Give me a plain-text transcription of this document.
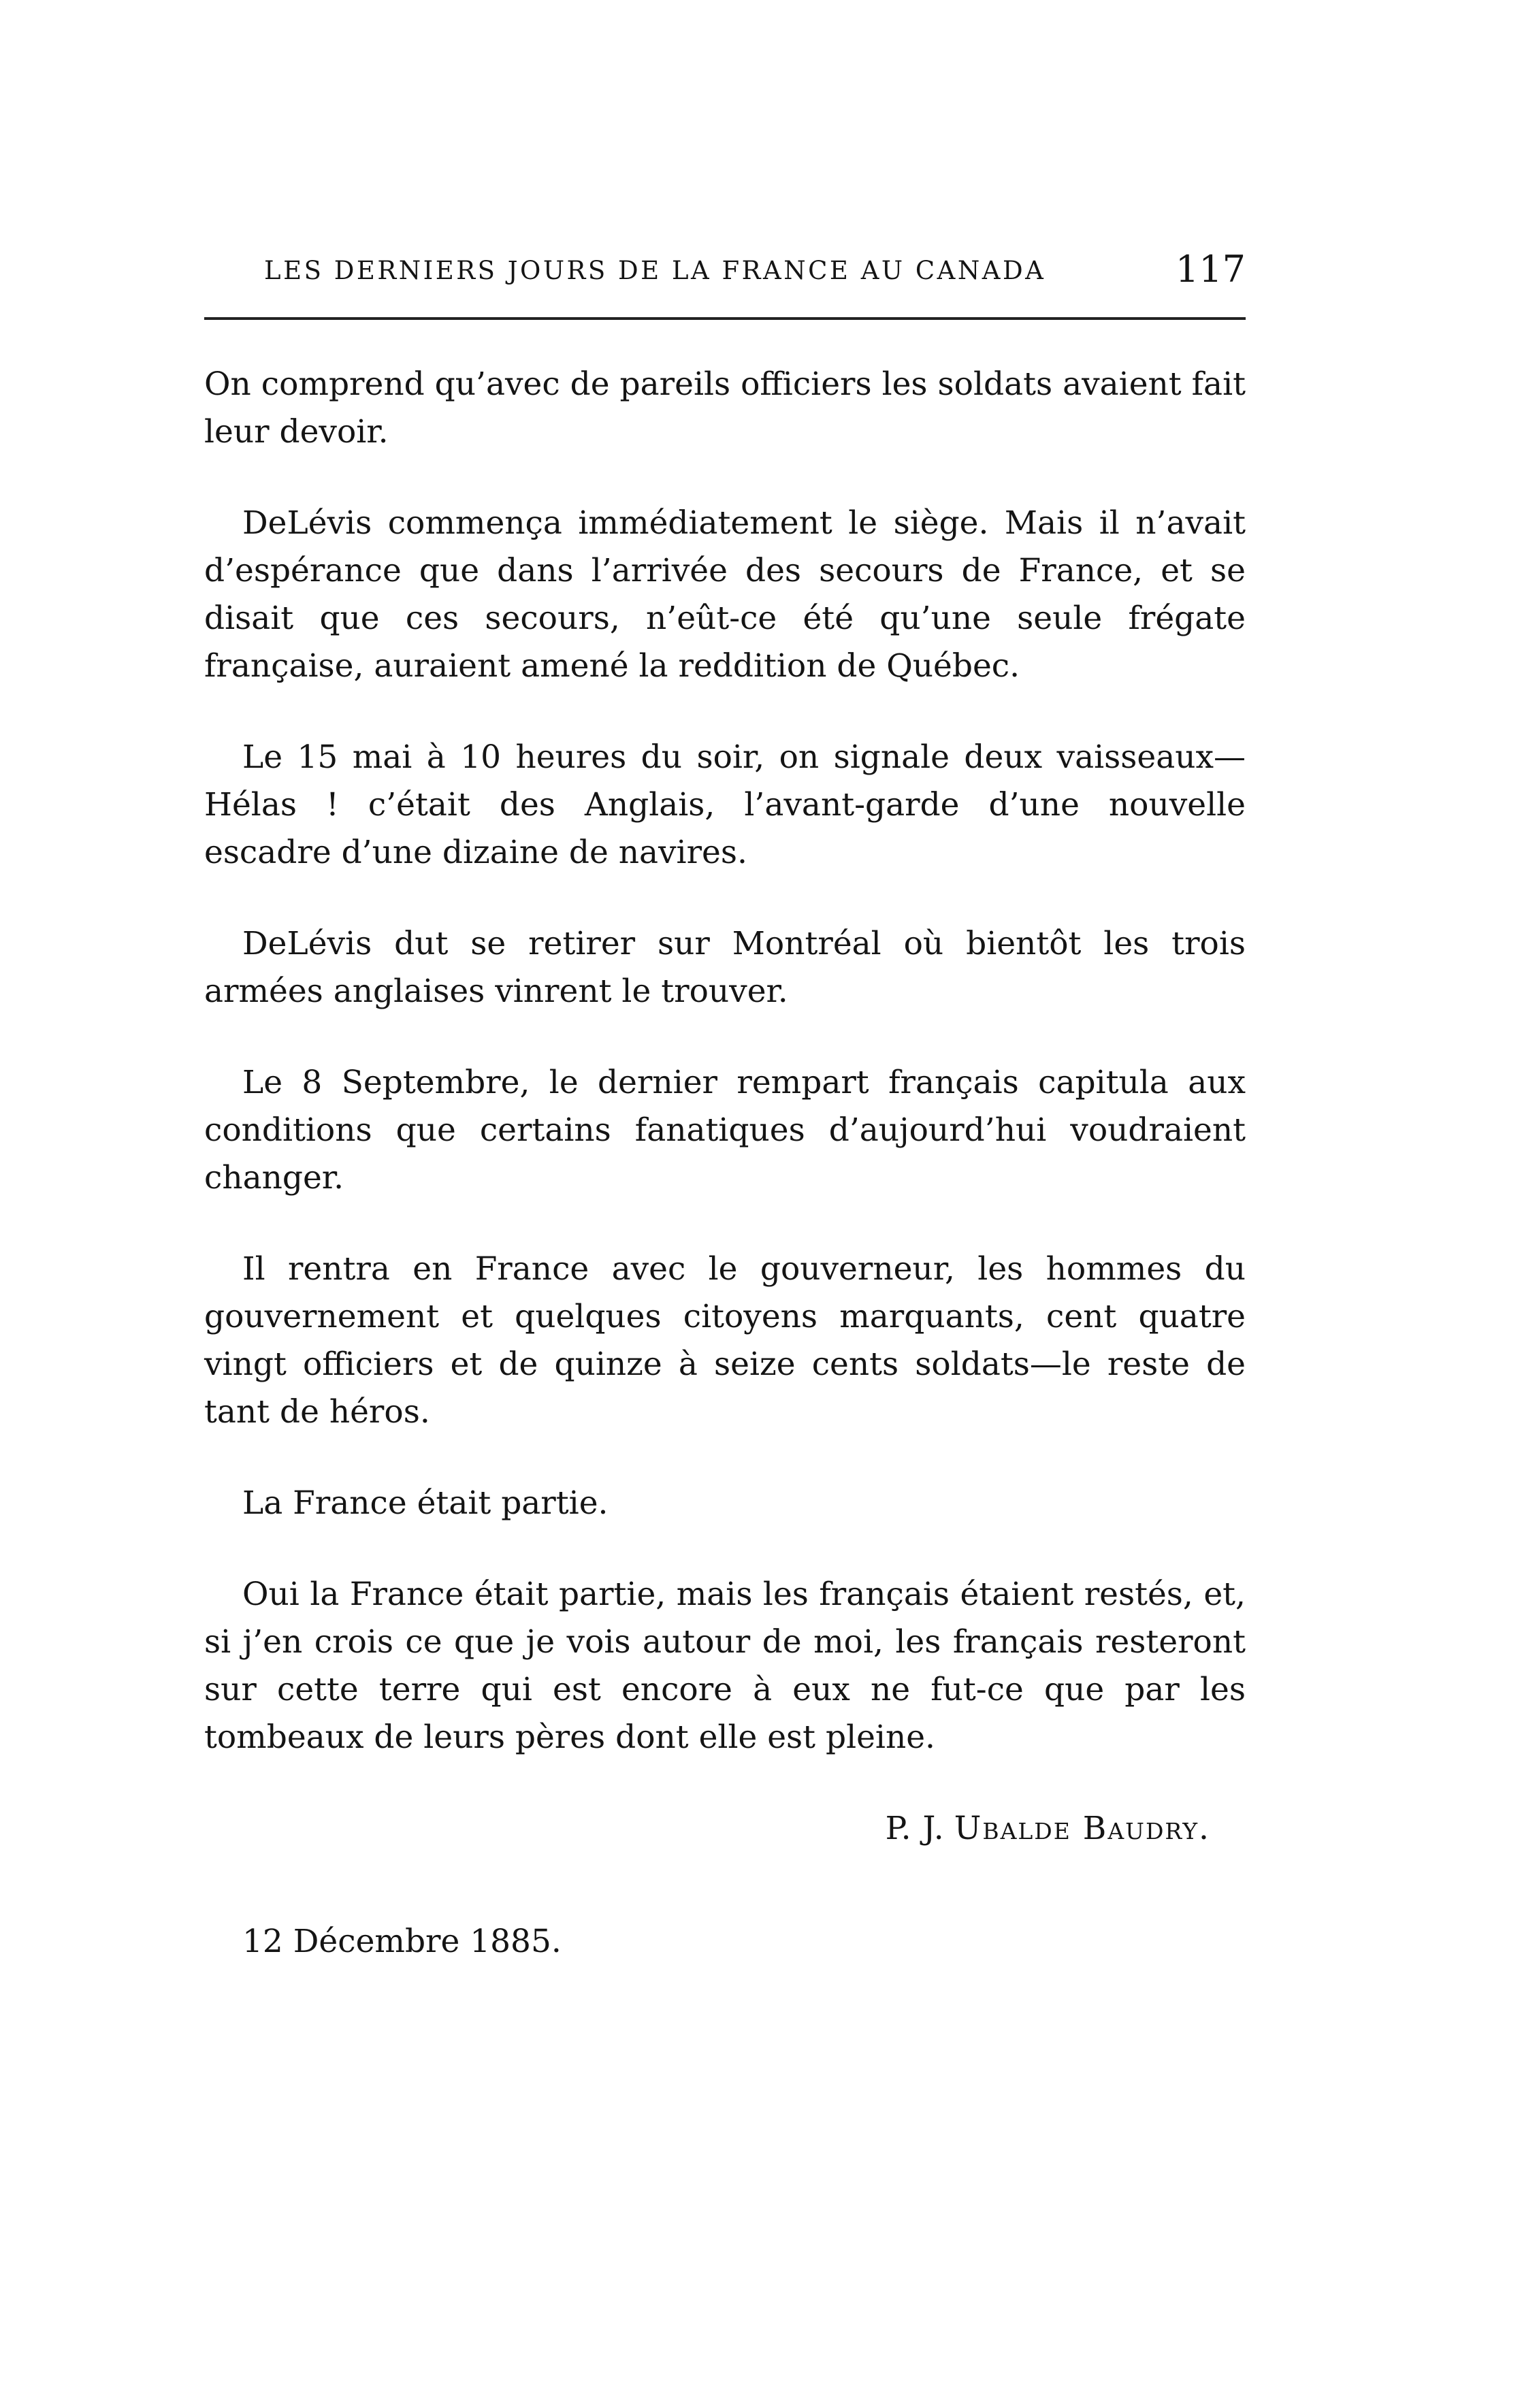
LES DERNIERS JOURS DE LA FRANCE AU CANADA	117

On comprend qu’avec de pareils officiers les soldats avaient fait leur devoir.

DeLévis commença immédiatement le siège. Mais il n’avait d’espérance que dans l’arrivée des secours de France, et se disait que ces secours, n’eût-ce été qu’une seule frégate française, auraient amené la reddition de Québec.

Le 15 mai à 10 heures du soir, on signale deux vaisseaux— Hélas ! c’était des Anglais, l’avant-garde d’une nouvelle escadre d’une dizaine de navires.

DeLévis dut se retirer sur Montréal où bientôt les trois armées anglaises vinrent le trouver.

Le 8 Septembre, le dernier rempart français capitula aux conditions que certains fanatiques d’aujourd’hui voudraient changer.

Il rentra en France avec le gouverneur, les hommes du gouvernement et quelques citoyens marquants, cent quatre vingt officiers et de quinze à seize cents soldats—le reste de tant de héros.

La France était partie.

Oui la France était partie, mais les français étaient restés, et, si j’en crois ce que je vois autour de moi, les français resteront sur cette terre qui est encore à eux ne fut-ce que par les tombeaux de leurs pères dont elle est pleine.

P. J. Ubalde Baudry.
12 Décembre 1885.
